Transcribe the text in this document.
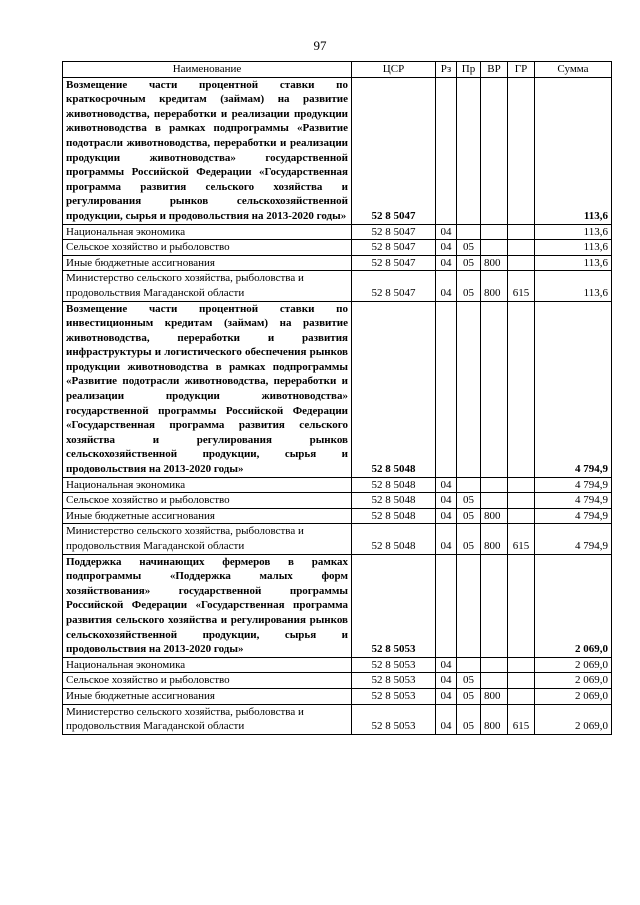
97
Наименование	ЦСР	Рз	Пр	ВР	ГР	Сумма
Возмещение части процентной ставки по краткосрочным кредитам (займам) на развитие животноводства, переработки и реализации продукции животноводства в рамках подпрограммы «Развитие подотрасли животноводства, переработки и реализации продукции животноводства» государственной программы Российской Федерации «Государственная программа развития сельского хозяйства и регулирования рынков сельскохозяйственной продукции, сырья и продовольствия на 2013-2020 годы»	52 8 5047					113,6
Национальная экономика	52 8 5047	04				113,6
Сельское хозяйство и рыболовство	52 8 5047	04	05			113,6
Иные бюджетные ассигнования	52 8 5047	04	05	800		113,6
Министерство сельского хозяйства, рыболовства и продовольствия Магаданской области	52 8 5047	04	05	800	615	113,6
Возмещение части процентной ставки по инвестиционным кредитам (займам) на развитие животноводства, переработки и развития инфраструктуры и логистического обеспечения рынков продукции животноводства в рамках подпрограммы «Развитие подотрасли животноводства, переработки и реализации продукции животноводства» государственной программы Российской Федерации «Государственная программа развития сельского хозяйства и регулирования рынков сельскохозяйственной продукции, сырья и продовольствия на 2013-2020 годы»	52 8 5048					4 794,9
Национальная экономика	52 8 5048	04				4 794,9
Сельское хозяйство и рыболовство	52 8 5048	04	05			4 794,9
Иные бюджетные ассигнования	52 8 5048	04	05	800		4 794,9
Министерство сельского хозяйства, рыболовства и продовольствия Магаданской области	52 8 5048	04	05	800	615	4 794,9
Поддержка начинающих фермеров в рамках подпрограммы «Поддержка малых форм хозяйствования» государственной программы Российской Федерации «Государственная программа развития сельского хозяйства и регулирования рынков сельскохозяйственной продукции, сырья и продовольствия на 2013-2020 годы»	52 8 5053					2 069,0
Национальная экономика	52 8 5053	04				2 069,0
Сельское хозяйство и рыболовство	52 8 5053	04	05			2 069,0
Иные бюджетные ассигнования	52 8 5053	04	05	800		2 069,0
Министерство сельского хозяйства, рыболовства и продовольствия Магаданской области	52 8 5053	04	05	800	615	2 069,0
